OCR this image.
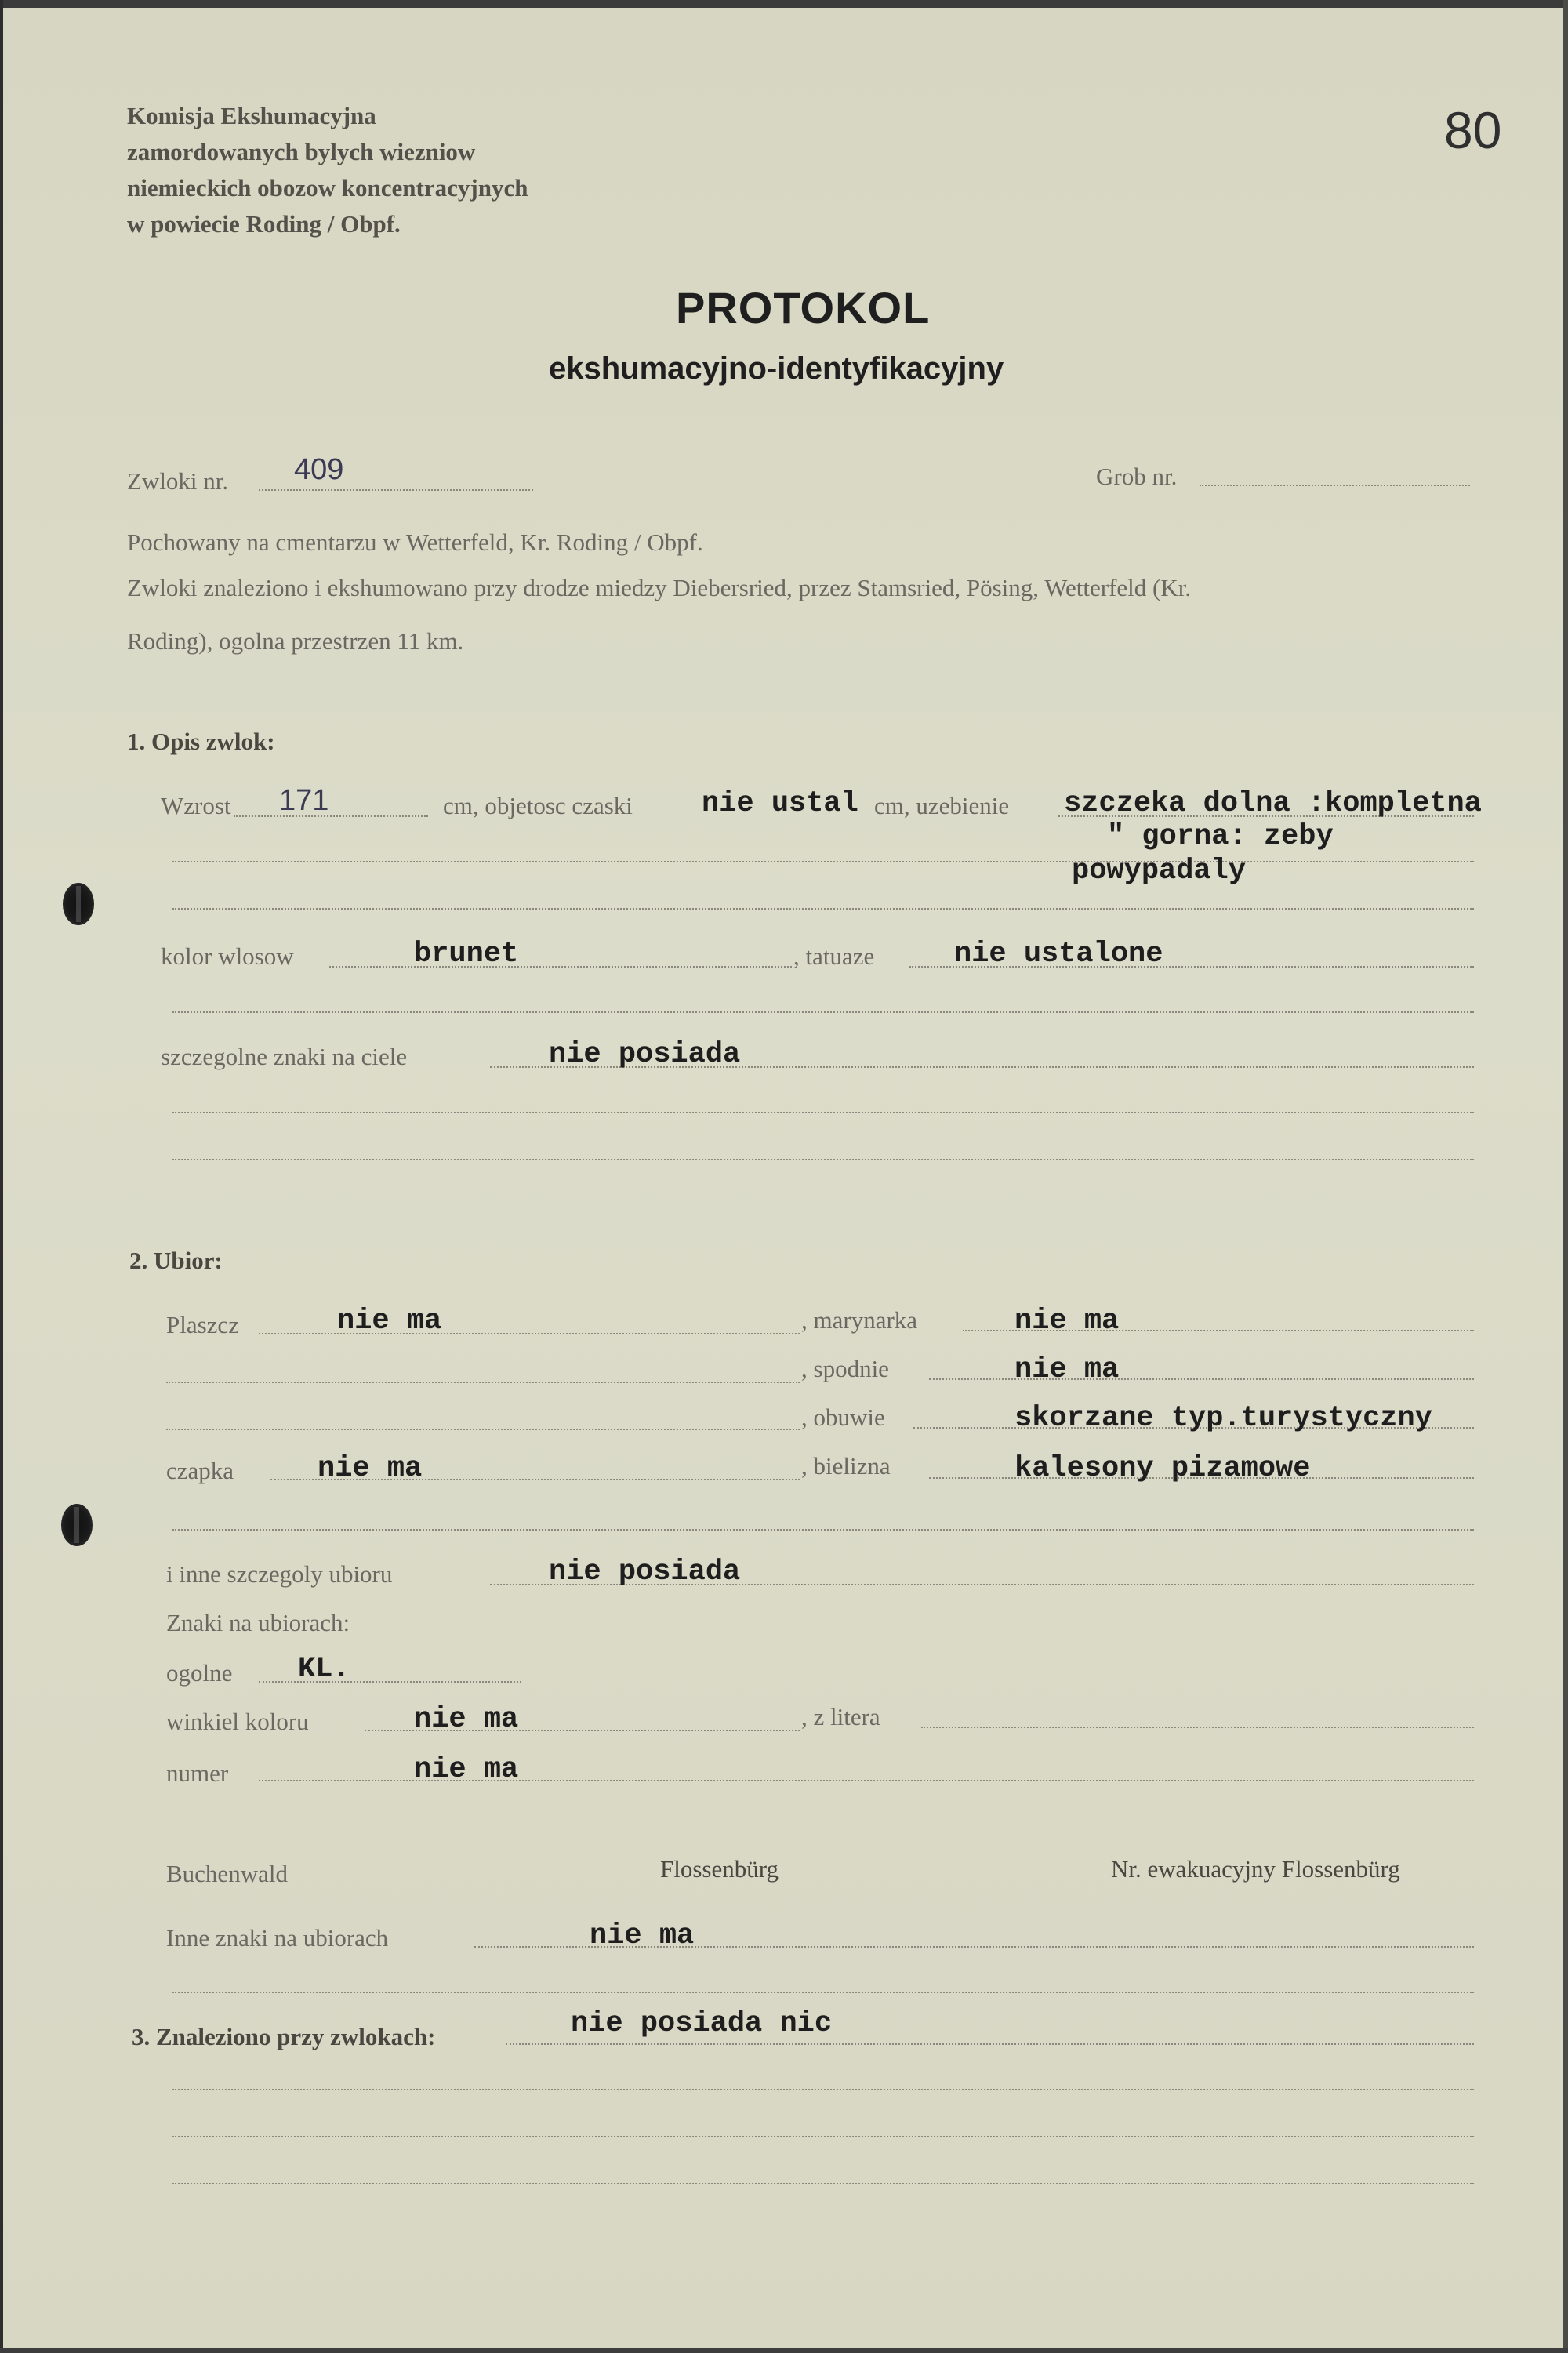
Komisja Ekshumacyjna
zamordowanych bylych wiezniow
niemieckich obozow koncentracyjnych
w powiecie Roding / Obpf.
80
PROTOKOL
ekshumacyjno-identyfikacyjny
Zwloki nr. 409	Grob nr.
Pochowany na cmentarzu w Wetterfeld, Kr. Roding / Obpf.
Zwloki znaleziono i ekshumowano przy drodze miedzy Diebersried, przez Stamsried, Pösing, Wetterfeld (Kr.
Roding), ogolna przestrzen 11 km.
1. Opis zwlok:
Wzrost 171	cm, objetosc czaski nie ustal cm, uzebienie szczeka dolna :kompletna
" gorna: zeby
powypadaly
kolor wlosow	brunet	, tatuaze	nie ustalone
szczegolne znaki na ciele	nie posiada
2. Ubior:
Plaszcz	nie ma	, marynarka	nie ma
, spodnie	nie ma
, obuwie	skorzane typ.turystyczny
czapka	nie ma	, bielizna	kalesony pizamowe
i inne szczegoly ubioru	nie posiada
Znaki na ubiorach:
ogolne KL.
winkiel koloru	nie ma	, z litera
numer	nie ma
Buchenwald	Flossenbürg	Nr. ewakuacyjny Flossenbürg
Inne znaki na ubiorach	nie ma
3. Znaleziono przy zwlokach:	nie posiada nic
